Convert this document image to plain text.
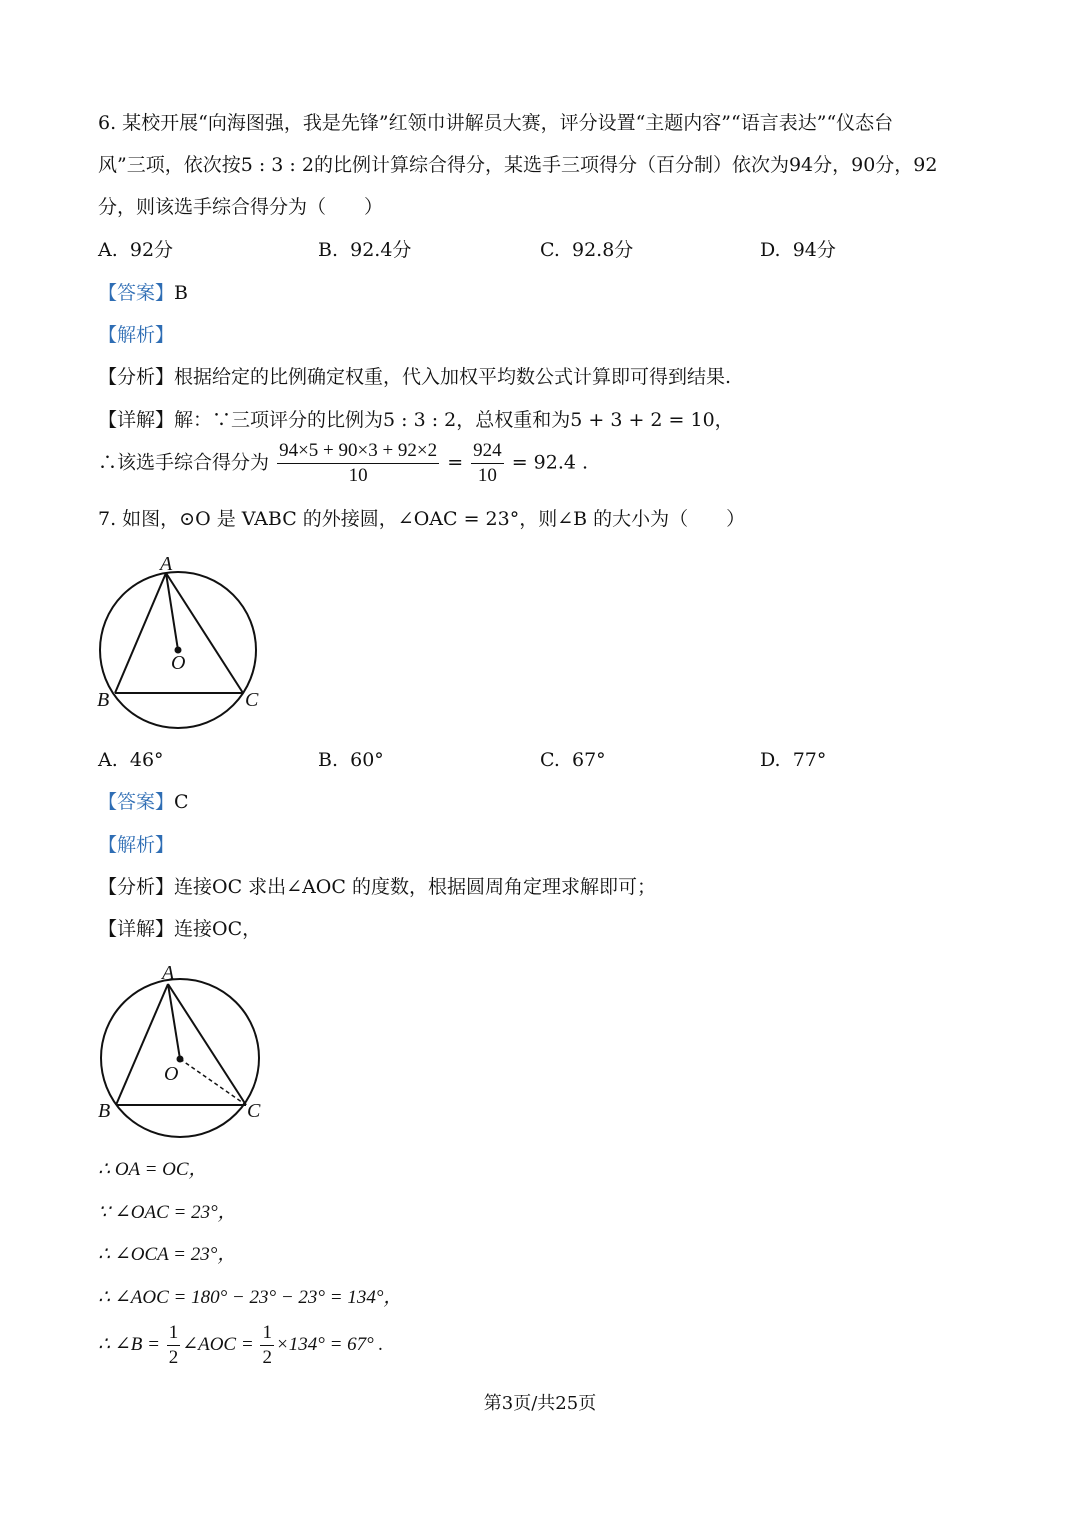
6. 某校开展“向海图强，我是先锋”红领巾讲解员大赛，评分设置“主题内容”“语言表达”“仪态台
风”三项，依次按5 : 3 : 2的比例计算综合得分，某选手三项得分（百分制）依次为94分，90分，92
分，则该选手综合得分为（　　）
A. 92分	B. 92.4分	C. 92.8分	D. 94分
【答案】B
【解析】
【分析】根据给定的比例确定权重，代入加权平均数公式计算即可得到结果.
【详解】解：∵三项评分的比例为5 : 3 : 2，总权重和为5 + 3 + 2 = 10，
∴该选手综合得分为 $\frac{94\times 5 + 90\times 3 + 92\times 2}{10} = \frac{924}{10} = 92.4$ .
7. 如图，⊙O 是 VABC 的外接圆，∠OAC = 23°，则∠B 的大小为（　　）
A
B	C
O
A. 46°	B. 60°	C. 67°	D. 77°
【答案】C
【解析】
【分析】连接OC 求出∠AOC 的度数，根据圆周角定理求解即可；
【详解】连接OC，
A
B	C
O
∴ OA = OC，
∵ ∠OAC = 23°，
∴ ∠OCA = 23°，
∴ ∠AOC = 180° − 23° − 23° = 134°，
∴ ∠B = $\frac{1}{2}$ ∠AOC = $\frac{1}{2} \times 134^\circ = 67^\circ$ .
第3页/共25页
